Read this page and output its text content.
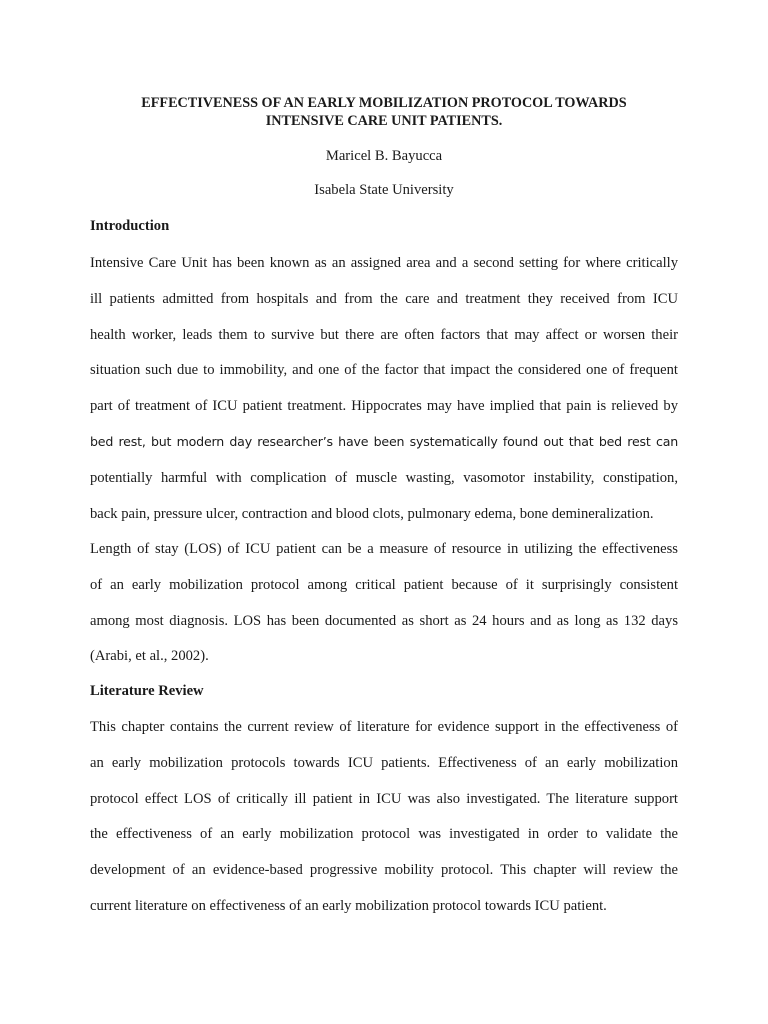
EFFECTIVENESS OF AN EARLY MOBILIZATION PROTOCOL TOWARDS
INTENSIVE CARE UNIT PATIENTS.

Maricel B. Bayucca

Isabela State University

Introduction
Intensive Care Unit has been known as an assigned area and a second setting for where critically
ill patients admitted from hospitals and from the care and treatment they received from ICU
health worker, leads them to survive but there are often factors that may affect or worsen their
situation such due to immobility, and one of the factor that impact the considered one of frequent
part of treatment of ICU patient treatment. Hippocrates may have implied that pain is relieved by
bed rest, but modern day researcher’s have been systematically found out that bed rest can
potentially harmful with complication of muscle wasting, vasomotor instability, constipation,
back pain, pressure ulcer, contraction and blood clots, pulmonary edema, bone demineralization.
Length of stay (LOS) of ICU patient can be a measure of resource in utilizing the effectiveness
of an early mobilization protocol among critical patient because of it surprisingly consistent
among most diagnosis. LOS has been documented as short as 24 hours and as long as 132 days
(Arabi, et al., 2002).
Literature Review
This chapter contains the current review of literature for evidence support in the effectiveness of
an early mobilization protocols towards ICU patients. Effectiveness of an early mobilization
protocol effect LOS of critically ill patient in ICU was also investigated. The literature support
the effectiveness of an early mobilization protocol was investigated in order to validate the
development of an evidence-based progressive mobility protocol. This chapter will review the
current literature on effectiveness of an early mobilization protocol towards ICU patient.
